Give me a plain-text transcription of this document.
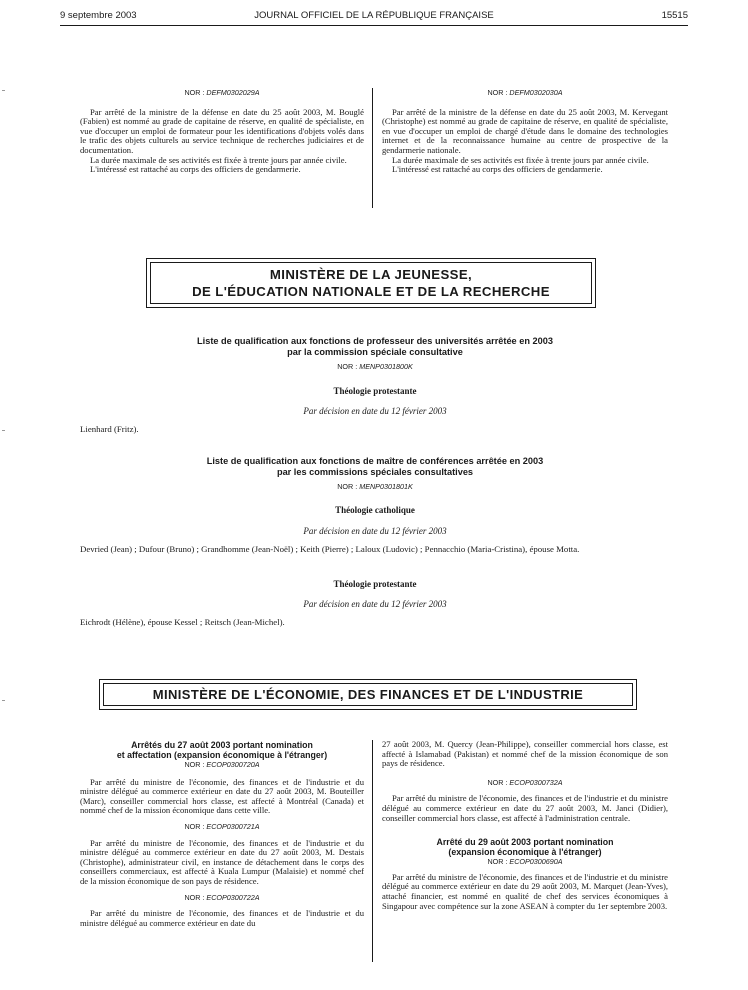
9 septembre 2003	JOURNAL OFFICIEL DE LA RÉPUBLIQUE FRANÇAISE	15515

NOR : DEFM0302029A

Par arrêté de la ministre de la défense en date du 25 août 2003, M. Bouglé (Fabien) est nommé au grade de capitaine de réserve, en qualité de spécialiste, en vue d'occuper un emploi de formateur pour les identifications d'objets volés dans le trafic des objets culturels au service technique de recherches judiciaires et de documentation.

La durée maximale de ses activités est fixée à trente jours par année civile.

L'intéressé est rattaché au corps des officiers de gendarmerie.

NOR : DEFM0302030A

Par arrêté de la ministre de la défense en date du 25 août 2003, M. Kervegant (Christophe) est nommé au grade de capitaine de réserve, en qualité de spécialiste, en vue d'occuper un emploi de chargé d'étude dans le domaine des technologies internet et de la reconnaissance humaine au centre de prospective de la gendarmerie nationale.

La durée maximale de ses activités est fixée à trente jours par année civile.

L'intéressé est rattaché au corps des officiers de gendarmerie.

MINISTÈRE DE LA JEUNESSE,
DE L'ÉDUCATION NATIONALE ET DE LA RECHERCHE
Liste de qualification aux fonctions de professeur des universités arrêtée en 2003
par la commission spéciale consultative
NOR : MENP0301800K
Théologie protestante
Par décision en date du 12 février 2003
Lienhard (Fritz).
Liste de qualification aux fonctions de maître de conférences arrêtée en 2003
par les commissions spéciales consultatives
NOR : MENP0301801K
Théologie catholique
Par décision en date du 12 février 2003
Devried (Jean) ; Dufour (Bruno) ; Grandhomme (Jean-Noël) ; Keith (Pierre) ; Laloux (Ludovic) ; Pennacchio (Maria-Cristina), épouse Motta.
Théologie protestante
Par décision en date du 12 février 2003
Eichrodt (Hélène), épouse Kessel ; Reitsch (Jean-Michel).
MINISTÈRE DE L'ÉCONOMIE, DES FINANCES ET DE L'INDUSTRIE
Arrêtés du 27 août 2003 portant nomination
et affectation (expansion économique à l'étranger)

NOR : ECOP0300720A

Par arrêté du ministre de l'économie, des finances et de l'industrie et du ministre délégué au commerce extérieur en date du 27 août 2003, M. Bouteiller (Marc), conseiller commercial hors classe, est affecté à Montréal (Canada) et nommé chef de la mission économique dans cette ville.

NOR : ECOP0300721A

Par arrêté du ministre de l'économie, des finances et de l'industrie et du ministre délégué au commerce extérieur en date du 27 août 2003, M. Destais (Christophe), administrateur civil, en instance de détachement dans le corps des conseillers commerciaux, est affecté à Kuala Lumpur (Malaisie) et nommé chef de la mission économique de son pays de résidence.

NOR : ECOP0300722A

Par arrêté du ministre de l'économie, des finances et de l'industrie et du ministre délégué au commerce extérieur en date du

27 août 2003, M. Quercy (Jean-Philippe), conseiller commercial hors classe, est affecté à Islamabad (Pakistan) et nommé chef de la mission économique de son pays de résidence.

NOR : ECOP0300732A

Par arrêté du ministre de l'économie, des finances et de l'industrie et du ministre délégué au commerce extérieur en date du 27 août 2003, M. Janci (Didier), conseiller commercial hors classe, est affecté à l'administration centrale.

Arrêté du 29 août 2003 portant nomination
(expansion économique à l'étranger)

NOR : ECOP0300690A

Par arrêté du ministre de l'économie, des finances et de l'industrie et du ministre délégué au commerce extérieur en date du 29 août 2003, M. Marquet (Jean-Yves), attaché financier, est nommé en qualité de chef des services économiques à Singapour avec compétence sur la zone ASEAN à compter du 1er septembre 2003.
